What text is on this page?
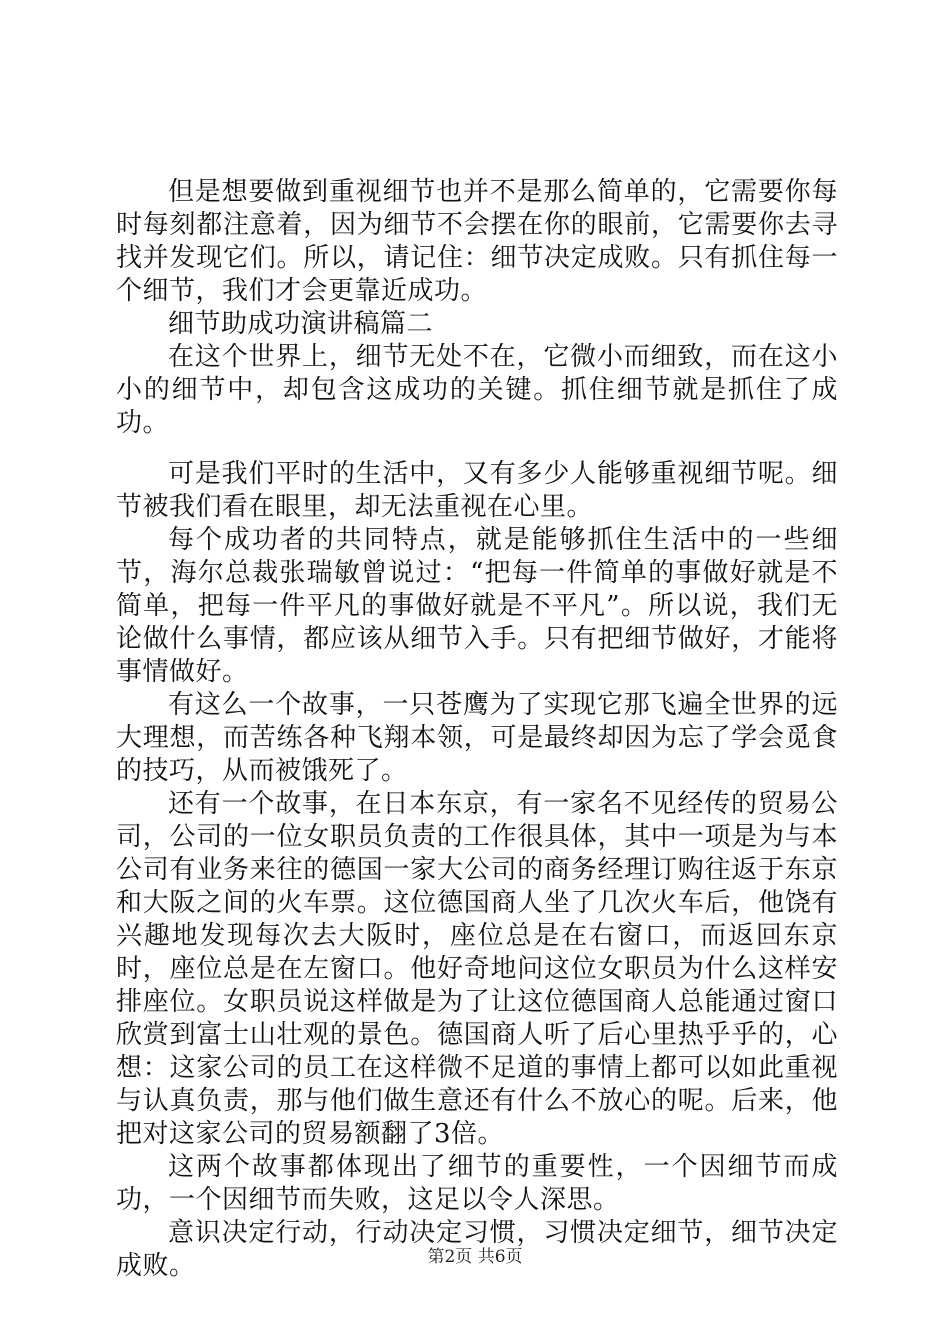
但是想要做到重视细节也并不是那么简单的，它需要你每时每刻都注意着，因为细节不会摆在你的眼前，它需要你去寻找并发现它们。所以，请记住：细节决定成败。只有抓住每一个细节，我们才会更靠近成功。

细节助成功演讲稿篇二

在这个世界上，细节无处不在，它微小而细致，而在这小小的细节中，却包含这成功的关键。抓住细节就是抓住了成功。

可是我们平时的生活中，又有多少人能够重视细节呢。细节被我们看在眼里，却无法重视在心里。

每个成功者的共同特点，就是能够抓住生活中的一些细节，海尔总裁张瑞敏曾说过：“把每一件简单的事做好就是不简单，把每一件平凡的事做好就是不平凡”。所以说，我们无论做什么事情，都应该从细节入手。只有把细节做好，才能将事情做好。

有这么一个故事，一只苍鹰为了实现它那飞遍全世界的远大理想，而苦练各种飞翔本领，可是最终却因为忘了学会觅食的技巧，从而被饿死了。

还有一个故事，在日本东京，有一家名不见经传的贸易公司，公司的一位女职员负责的工作很具体，其中一项是为与本公司有业务来往的德国一家大公司的商务经理订购往返于东京和大阪之间的火车票。这位德国商人坐了几次火车后，他饶有兴趣地发现每次去大阪时，座位总是在右窗口，而返回东京时，座位总是在左窗口。他好奇地问这位女职员为什么这样安排座位。女职员说这样做是为了让这位德国商人总能通过窗口欣赏到富士山壮观的景色。德国商人听了后心里热乎乎的，心想：这家公司的员工在这样微不足道的事情上都可以如此重视与认真负责，那与他们做生意还有什么不放心的呢。后来，他把对这家公司的贸易额翻了3倍。

这两个故事都体现出了细节的重要性，一个因细节而成功，一个因细节而失败，这足以令人深思。

意识决定行动，行动决定习惯，习惯决定细节，细节决定成败。	第2页 共6页
